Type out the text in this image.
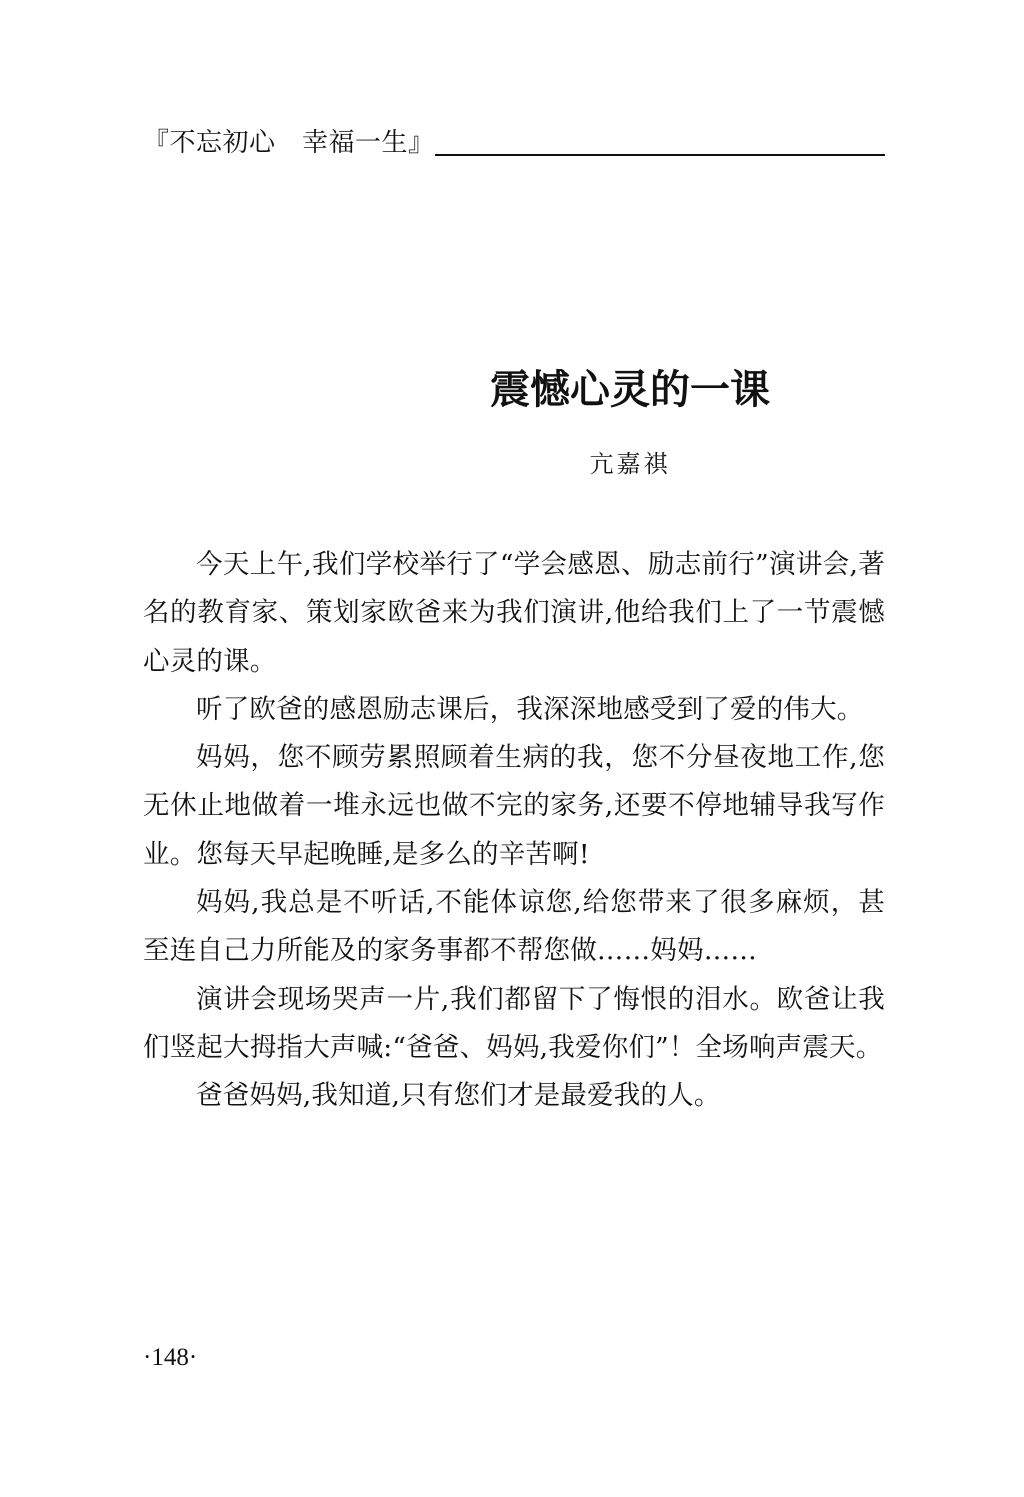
『不忘初心　幸福一生』
震憾心灵的一课
亢嘉祺

今天上午,我们学校举行了“学会感恩、励志前行”演讲会,著名的教育家、策划家欧爸来为我们演讲,他给我们上了一节震憾心灵的课。

听了欧爸的感恩励志课后，我深深地感受到了爱的伟大。

妈妈，您不顾劳累照顾着生病的我，您不分昼夜地工作,您无休止地做着一堆永远也做不完的家务,还要不停地辅导我写作业。您每天早起晚睡,是多么的辛苦啊!

妈妈,我总是不听话,不能体谅您,给您带来了很多麻烦，甚至连自己力所能及的家务事都不帮您做……妈妈……

演讲会现场哭声一片,我们都留下了悔恨的泪水。欧爸让我们竖起大拇指大声喊:“爸爸、妈妈,我爱你们”！全场响声震天。

爸爸妈妈,我知道,只有您们才是最爱我的人。

·148·
